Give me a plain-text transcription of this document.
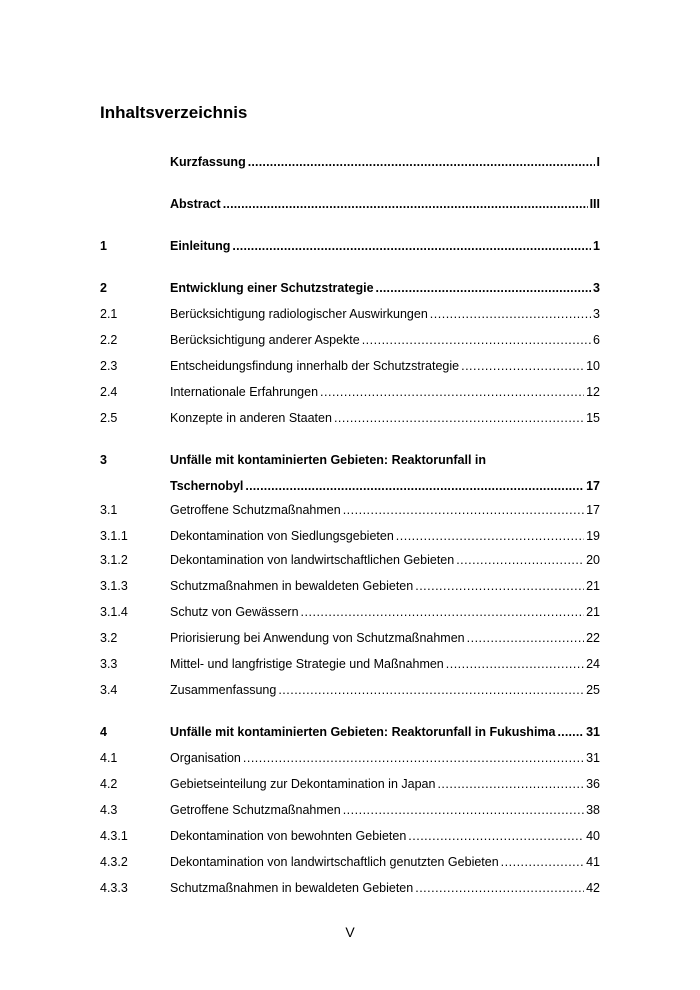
Inhaltsverzeichnis
Kurzfassung .....	I
Abstract .....	III
1	Einleitung .....	1
2	Entwicklung einer Schutzstrategie .....	3
2.1	Berücksichtigung radiologischer Auswirkungen .....	3
2.2	Berücksichtigung anderer Aspekte .....	6
2.3	Entscheidungsfindung innerhalb der Schutzstrategie .....	10
2.4	Internationale Erfahrungen .....	12
2.5	Konzepte in anderen Staaten .....	15
3	Unfälle mit kontaminierten Gebieten: Reaktorunfall in
Tschernobyl .....	17
3.1	Getroffene Schutzmaßnahmen .....	17
3.1.1	Dekontamination von Siedlungsgebieten .....	19
3.1.2	Dekontamination von landwirtschaftlichen Gebieten .....	20
3.1.3	Schutzmaßnahmen in bewaldeten Gebieten .....	21
3.1.4	Schutz von Gewässern .....	21
3.2	Priorisierung bei Anwendung von Schutzmaßnahmen .....	22
3.3	Mittel- und langfristige Strategie und Maßnahmen .....	24
3.4	Zusammenfassung .....	25
4	Unfälle mit kontaminierten Gebieten: Reaktorunfall in Fukushima ..... 31
4.1	Organisation .....	31
4.2	Gebietseinteilung zur Dekontamination in Japan .....	36
4.3	Getroffene Schutzmaßnahmen .....	38
4.3.1	Dekontamination von bewohnten Gebieten .....	40
4.3.2	Dekontamination von landwirtschaftlich genutzten Gebieten .....	41
4.3.3	Schutzmaßnahmen in bewaldeten Gebieten .....	42
V
